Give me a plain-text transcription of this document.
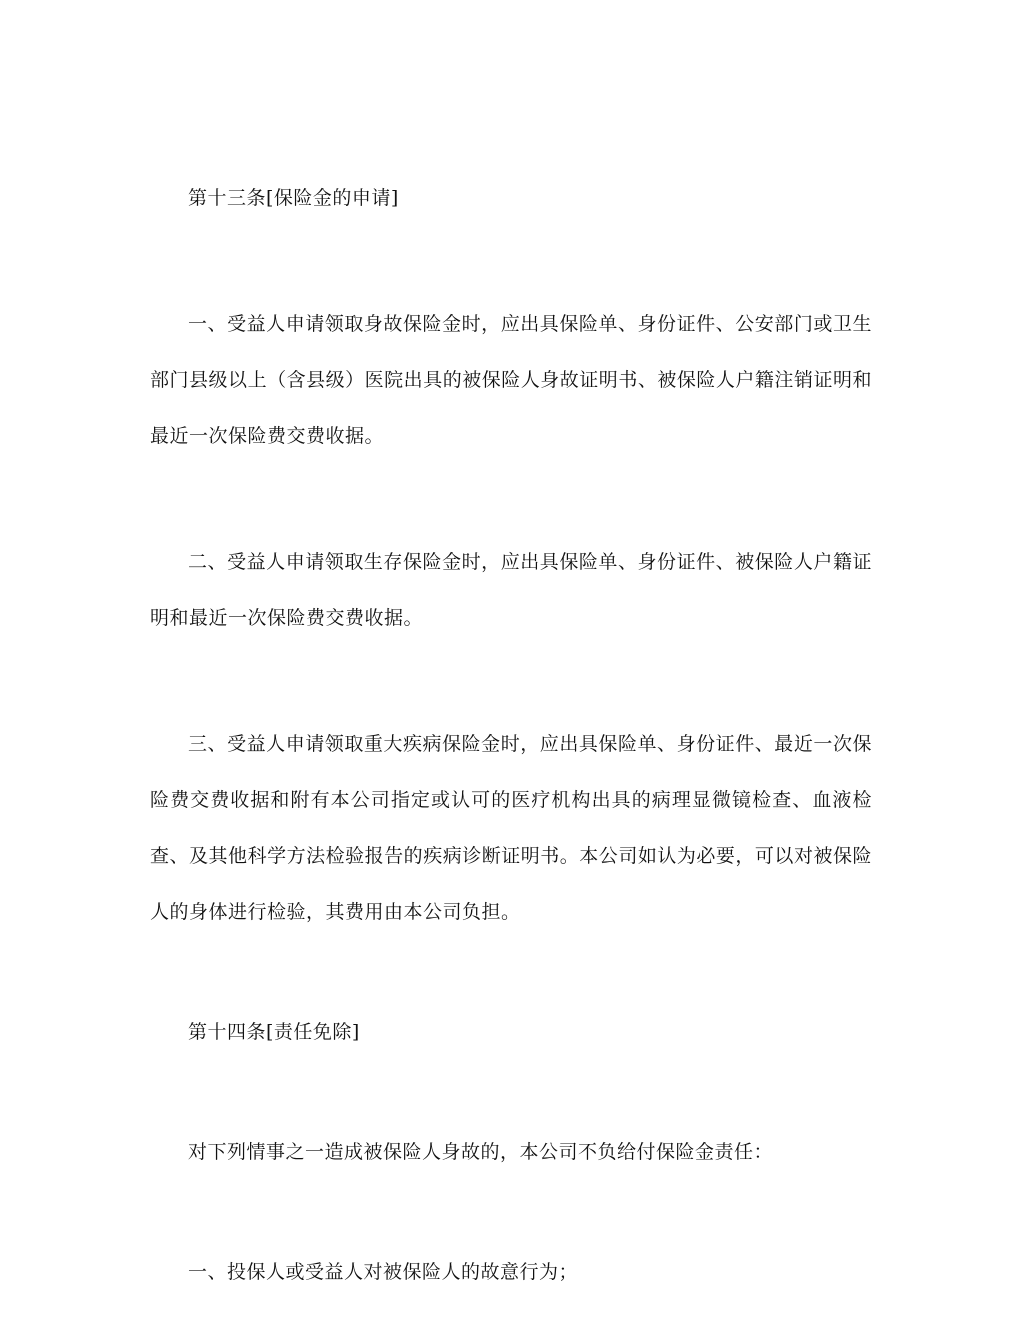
第十三条[保险金的申请]

一、受益人申请领取身故保险金时，应出具保险单、身份证件、公安部门或卫生部门县级以上（含县级）医院出具的被保险人身故证明书、被保险人户籍注销证明和最近一次保险费交费收据。

二、受益人申请领取生存保险金时，应出具保险单、身份证件、被保险人户籍证明和最近一次保险费交费收据。

三、受益人申请领取重大疾病保险金时，应出具保险单、身份证件、最近一次保险费交费收据和附有本公司指定或认可的医疗机构出具的病理显微镜检查、血液检查、及其他科学方法检验报告的疾病诊断证明书。本公司如认为必要，可以对被保险人的身体进行检验，其费用由本公司负担。

第十四条[责任免除]

对下列情事之一造成被保险人身故的，本公司不负给付保险金责任：

一、投保人或受益人对被保险人的故意行为；
